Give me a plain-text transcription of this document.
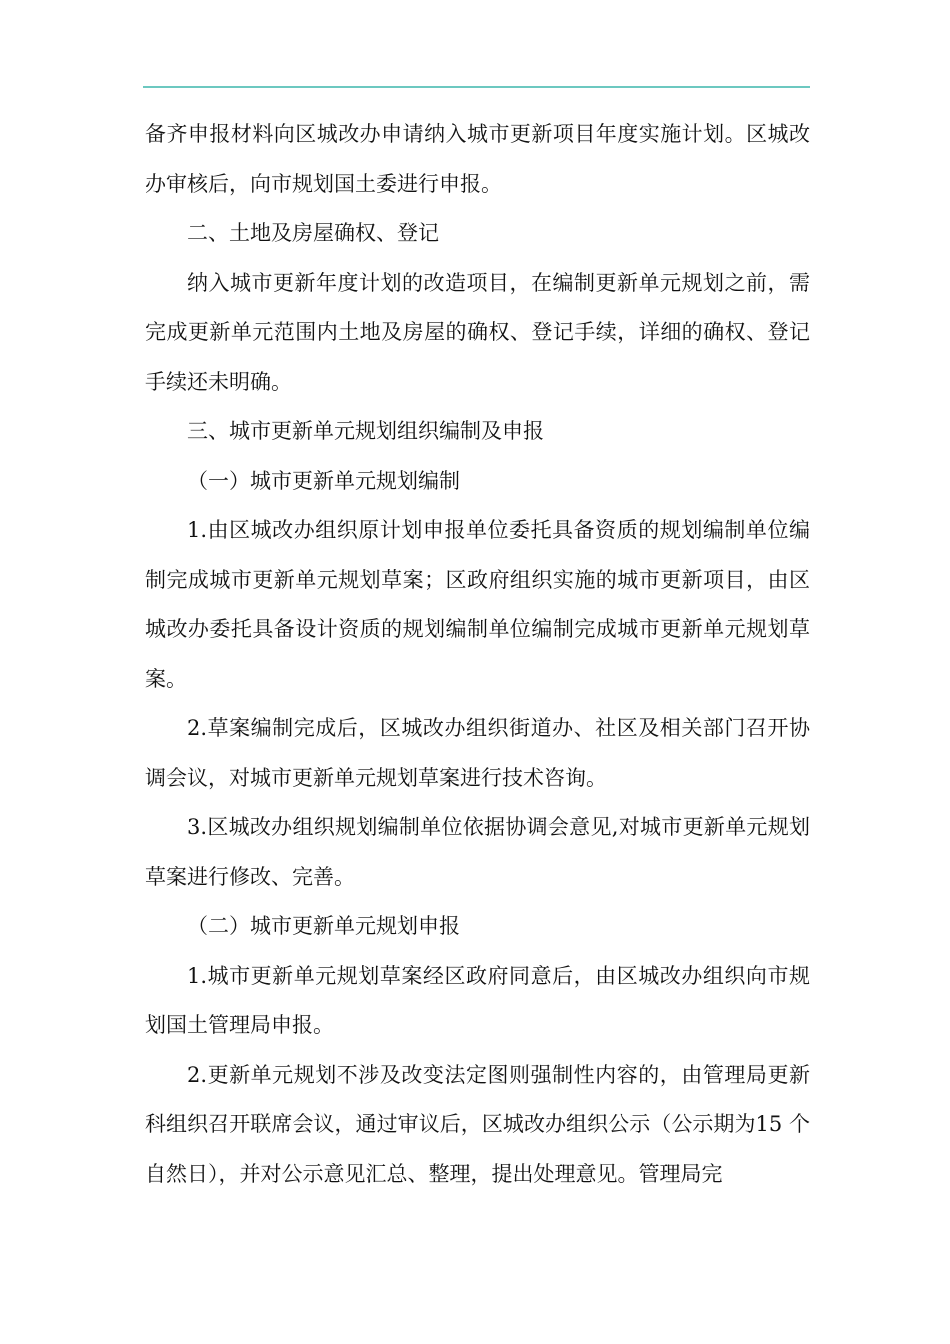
备齐申报材料向区城改办申请纳入城市更新项目年度实施计划。区城改办审核后，向市规划国土委进行申报。

二、土地及房屋确权、登记

纳入城市更新年度计划的改造项目，在编制更新单元规划之前，需完成更新单元范围内土地及房屋的确权、登记手续，详细的确权、登记手续还未明确。

三、城市更新单元规划组织编制及申报

（一）城市更新单元规划编制

1.由区城改办组织原计划申报单位委托具备资质的规划编制单位编制完成城市更新单元规划草案；区政府组织实施的城市更新项目，由区城改办委托具备设计资质的规划编制单位编制完成城市更新单元规划草案。

2.草案编制完成后，区城改办组织街道办、社区及相关部门召开协调会议，对城市更新单元规划草案进行技术咨询。

3.区城改办组织规划编制单位依据协调会意见,对城市更新单元规划草案进行修改、完善。

（二）城市更新单元规划申报

1.城市更新单元规划草案经区政府同意后，由区城改办组织向市规划国土管理局申报。

2.更新单元规划不涉及改变法定图则强制性内容的，由管理局更新科组织召开联席会议，通过审议后，区城改办组织公示（公示期为15 个自然日），并对公示意见汇总、整理，提出处理意见。管理局完
